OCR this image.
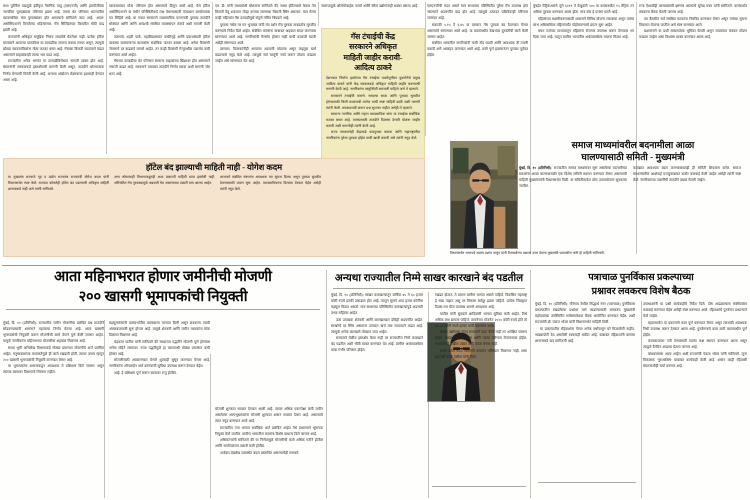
मध्य पूर्वेतील वाढ‌मुळे इर्वीकृत नैसर्गिक वायू (एलएनजी) आणि इलपीजीच्या जागतिक पुरवठ्यावर परिणाम झाला आहे. त्याचा थेट परिणाम भारतातील व्यावसायिक मंत्रा पुरवठ्यावर होत असल्याचे सांगितले जात आहे. 'अदार' असोसिएशनने विनलेल्या महिन्यांसार, गॅस सिलिंडरच्या किमतीत मोठी वाढ झाली आहे.

कंपन्यांनी अधिकृत समुद्रिक निणय लादलेले घेतलेला नाही. प्रत्येक हॉटेल चालकाने आपल्या पातळीवर या दरवाढीचा सामना करावा लागत असून, त्यामुळे छोट्या व्यावसायिकांना मोठा फटका बसत आहे. गॅसच्या किमती सातत्याने वाढत असल्याने ग्राहकांवरही त्याचा भार पडत आहे.

राज्यातील अनेक भागांत या दरवाढीविरोधात नाराजी व्यक्त होत आहे. संघटनांनी सरकारकडे हस्तक्षेपाची मागणी केली असून, तातडीने धोरणात्मक निर्णय घेण्याची विनंती केली आहे. अन्यथा आंदोलन छेडण्याचा इशाराही देण्यात आला आहे.

व्यावसायावर मोठा परिणाम होत असल्याचे दिसून आले आहे. येथे हॉटेल असोसिएशनने या गंभीर परिस्थितीकडे लक्ष वेधण्यासाठी पंतप्रधान कार्यालयास पत्र लिहिले आहे. या पत्रात सरकारने व्यावसायिक एलएनजी पुरवठा तातडीने धोक्यात आणि आणि आवश्यी संबंधित व्यवस्थापन करावे अशी मागणी केली आहे.

तळगावे, शहरी पार्क, महाविद्यालयांत वसतिगृहे आणि प्रवाशांसाठी हॉटेल व्यवस्था चालवणाऱ्या चालकांना सर्वाधिक फटका बसला आहे. अनेक ठिकाणी जेवणाचे दर वाढवावे लागले आहेत, तर काही ठिकाणी मेन्यूमधील पदार्थच कमी करण्यात आले आहेत.

गॅसच्या दरवाढीचा थेट परिणाम सामान्य ग्राहकांच्या खिशावर होत असल्याने नाराजी वाढत आहे. सरकारने याबाबत तातडीने निर्णय घ्यावा अशी मागणी जोर धरत आहे.

एम. डी. यांनी माध्यमांशी बोलताना सांगितले की, सध्या हॉटेलवाले केवळ तेच किमती ठेवू शकतात जेव्हा कच्च्या मालाच्या किमती स्थिर असतात. मात्र गेल्या काही महिन्यांत गॅस दरवाढीमुळे संपूर्ण गणित बिघडले आहे.

पुरवठा नसेल तर मन भुजबळ यांनी मंत्र दर्शन गॅस पुरवठा ताबडतोब सुरळीत करण्याचे निर्देश दिले आहेत. संबंधित यंत्रणांना याबाबत अहवाल सादर करण्यास सांगण्यात आले आहे. नागरिकांची गैरसोय होणार नाही याची काळजी घ्यावी असेही सांगण्यात आले.

दरम्यान, वितरकांनीही आपल्या अडचणी मांडल्या असून वाहतूक खर्च वाढल्याचे नमूद केले आहे. त्यामुळे सर्व बाजूंनी चर्चा करून तोडगा काढला जाईल असे सांगण्यात येत आहे.

न्यासजळुळे ऑटोमोबाईल, फार्मा आणि स्टील उद्योगांनाही धक्का बसला आहे.

गॅस टंचाईची केंद्र
सरकारने अधिकृत
माहिती जाहीर करावी-
आदित्य ठाकरे

देशभरात निर्माण झालेल्या गॅस टंचाईचा पार्श्वभूमीवर युवासेनेचे प्रमुख आदित्य ठाकरे यांनी केंद्र सरकारकडे अधिकृत माहिती जाहीर करण्याची मागणी केली आहे. नागरिकांना वस्तुस्थिती समजली पाहिजे असे ते म्हणाले.

सरकारने टंचाईची कारणे, सध्याचा साठा आणि पुरवठा सुरळीत होण्यासाठी किती कालावधी लागेल याची स्पष्ट माहिती द्यावी अशी मागणी त्यांनी केली. लपवाछपवी करून प्रश्न सुटणार नाहीत असेही ते म्हणाले.

सामान्य नागरिक आणि लहान व्यावसायिक यांना या टंचाईचा सर्वाधिक फटका बसत आहे. त्यांच्यासाठी तातडीने दिलासा देणारी योजना जाहीर करावी अशी मागणीही त्यांनी केली आहे.

राज्य सरकारनेही केंद्राकडे पाठपुरावा करावा आणि महाराष्ट्रातील नागरिकांना पुरेसा पुरवठा होईल याची खात्री करावी असे त्यांनी नमूद केले.

एलएनजीची मदत असते मात्र सध्याच्या परिस्थितीत पुरेसा गॅस उपलब्ध होत नसल्याने अडचणींत वाढ होत आहे. त्यामुळे उत्पादन प्रक्रियेवरही परिणाम जाणवत आहे.

सकाळी ५.१५ ते ६.४५ या दरम्यान गॅस पुरवठा बंद ठेवण्यात येणार असल्याचे सांगण्यात आले आहे. या कालावधीत देखभाल दुरुस्तीची कामे केली जाणार आहेत.

संबंधित भागातील नागरिकांनी याची नोंद घ्यावी आणि आवश्यक ती तयारी करावी असे आवाहन करण्यात आले आहे. कामे पूर्ण झाल्यानंतर पुरवठा पूर्ववत होईल.

मुंबईत मेट्रिकअलचे जुने ६११९ ते फेब्रुवारी २०५ वा कालावधीत १५ मेट्रिक टन अधिक पुरवठा करण्यात आला होता. मात्र यंदा हे प्रमाण घटले आहे.

महिलांच्या सक्षमीकरणासाठी शासनाने विविध योजना राबवल्या असून त्यांचा लाभ अधिकाधिक महिलांपर्यंत पोहोचवण्याचे प्रयत्न सुरू आहेत.

बचत गटांच्या माध्यमातून महिलांना रोजगार उपलब्ध करून देण्यावर भर दिला जात आहे. यातून ग्रामीण भागातील अर्थव्यवस्थेला चालना मिळत आहे.

रत्ना ऐश्वर्याही वरसाळ्याची इष्टणार आल्याचे सुरेख पत्रव यांनी सांगितले. यासंदर्भात लवकरच बैठक घेतली जाणार आहे.

त्या बैठकीत सर्व संबंधित घटकांना निमंत्रित करण्यात येणार असून त्यांच्या सूचना विचारात घेतल्या जातील असे स्पष्ट करण्यात आले.

प्रशासनाने या प्रश्नी सकारात्मक भूमिका घेतली असून लवकरात लवकर तोडगा काढला जाईल असा विश्वास व्यक्त करण्यात आला आहे.

हॉटेल बंद झाल्याची माहिती नाही - योगेश कदम

या मुख्यमंत्र राज्याचे गृह व उद्योग राज्यमंत्र राज्यमंत्री योगेश कदम यांनी विधानसभेत स्पष्ट केले. राज्यात कोणतेही हॉटेल बंद पडल्याची अधिकृत माहिती शासनाकडे नाही असे त्यांनी सांगितले.

अन्य कोणत्याही विभागाकडूनही अशा प्रकारची माहिती प्राप्त झालेली नाही. अनियमित गॅस पुरवठ्यामुळे अडचणी येत असल्याच्या तक्रारी मात्र आल्या आहेत.

शासनाने संबंधित यंत्रणांना आवश्यक त्या सूचना दिल्या असून पुरवठा सुरळीत ठेवण्यासाठी प्रयत्न सुरू आहेत. व्यावसायिकांना दिलासा देण्यात येईल असेही त्यांनी नमूद केले.

समाज माध्यमांवरील बदनामीला आळा
घालण्यासाठी समिती - मुख्यमंत्री

मुंबई, दि. १० (प्रतिनिधी): राज्यातील समाज माध्यमांवर सुरू असलेल्या बदनामीच्या प्रकारांना आळा घालण्यासाठी एक विशेष समिती स्थापन करण्यात येणार असल्याची माहिती मुख्यमंत्र्यांनी विधानसभेत दिली. या समितीमार्फत ठोस उपाययोजना सुचवल्या जातील.

कायद्यात आवश्यक बदल करण्याबाबतही ही समिती शिफारस करेल. समाज माध्यमांवरील आक्षेपार्ह मजकुराबाबत कठोर कारवाई केली जाईल असेही त्यांनी स्पष्ट केले. नागरिकांच्या तक्रारींची तातडीने दखल घेतली जाईल.

विधानसभेत भाजपचे सदस्य प्रशांत ठाकूर यांनी विचारलेल्या प्रश्नाला उत्तर देताना मुख्यमंत्री फडणवीस यांनी ही माहिती सांगितली.

आता महिनाभरात होणार जमीनीची मोजणी
२०० खासगी भूमापकांची नियुक्ती

मुंबई, दि. १० (प्रतिनिधी): राज्यातील जमीन मोजणीचा प्रलंबित प्रश्न तातडीने सोडवण्यासाठी शासनाने महत्त्वाचा निर्णय घेतला आहे. आता खासगी भूमापकांची नियुक्ती करून मोजणीची कामे वेगाने पूर्ण केली जाणार आहेत. यामुळे नागरिकांना महिनाभरात मोजणीचा अहवाल मिळणार आहे.

सध्या भूमी अभिलेख विभागाकडे मोठ्या प्रमाणात मोजणीचे अर्ज प्रलंबित आहेत. मनुष्यबळाच्या कमतरतेमुळे ही कामे रखडली होती. त्यावर उपाय म्हणून २०० खासगी भूमापकांची नियुक्ती करण्यात येणार आहे.

या भूमापकांना शासनाकडून आवश्यक ते प्रशिक्षण दिले जाणार असून त्यांच्या कामावर विभागाचे नियंत्रण राहील.

महसूलमंत्र्यांनी यासंदर्भातील प्रस्तावाला मान्यता दिली असून लवकरच त्याची अंमलबजावणी सुरू होणार आहे. यामुळे शेतकरी आणि जमीन मालकांना मोठा दिलासा मिळणार आहे.

चंद्रकांत पाटील यांनी सांगितले की सध्याच्या पद्धतीने मोजणी पूर्ण होण्यास अनेक महिने लागतात. नव्या पद्धतीमुळे हा कालावधी मोठ्या प्रमाणात कमी होणार आहे.

मोजणीसाठी आकारण्यात येणारे शुल्कही सुसूत्र करण्यात येणार आहे. नागरिकांना ऑनलाईन अर्ज करण्याची सुविधा उपलब्ध करून देण्यात येईल.

आहे. हे प्रशिक्षण पूर्ण करून कामावर रुजू होतील.

मोजणी शुल्कात सवलत देण्यात आली आहे. त्यावर अधिक एकरपेक्षा कमी जमीन असलेल्या अल्पभूधारकांना मोजणी शुल्कात शासन सवलत देणार आहे. असल्याचे त्यात नमूद करण्यात आले आहे.

राज्यातील ज्या भागात सर्वाधिक अर्ज प्रलंबित आहेत तेथे प्राधान्याने भूमापक नियुक्त केले जातील. ग्रामीण भागातील कामांना विशेष प्राधान्य दिले जाणार आहे.

अधिकाऱ्यांनी सांगितले की या निर्णयामुळे मोजणीची कामे अधिक गतीने होतील आणि नागरिकांच्या तक्रारी कमी होतील.

अर्जदार-देखरेख व्यवस्थेत बदल प्रस्तावित असल्याचेही समजते.

अन्यथा राज्यातील निम्मे साखर कारखाने बंद पडतील

मुंबई, दि. १० (प्रतिनिधी): साखर कारखान्यांतून वार्षिक ४५ ते ६० हजार कोटी रुपये इतकी उलाढाल होत आहे. त्यातून सुमारे आठ हजार कोटींचा महसूल मिळत असतो. मात्र सध्याच्या परिस्थितीत कारखान्यांपुढे अडचणी उभ्या राहिल्या आहेत.

ऊस उत्पादक शेतकरी आणि कारखानदार दोघेही अडचणीत आहेत. साखरेचे दर स्थिर असताना उत्पादन खर्च मात्र सातत्याने वाढत आहे. त्यामुळे अनेक कारखाने तोट्यात जात आहेत.

सरकारने वेळीच हस्तक्षेप केला नाही तर राज्यातील निम्मे कारखाने बंद पडतील अशी भीती व्यक्त करण्यात येत आहे. ग्रामीण अर्थव्यवस्थेवर याचा गंभीर परिणाम होईल.

रखडत होतात. ते प्रमाण ग्रामीण भागात असले पाहिजे. विकसित महाराष्ट्र हे स्वप्न पाहात असू तर विकास सर्वदूर झाला पाहिजे. प्रत्येक जिल्ह्यात दिवस-रात्र वीज उपलब्ध असणे आवश्यक आहे.

पाटील यांनी सुचवले आदिवासी भागात सुविधा कमी आहेत, तिथे अधिक लक्ष द्यायला पाहिजे. ठाकरेंच्या योजनेत २०२० कोटी रुपये होते तो ७९-८६ कोटी रुपये इतका कमी करण्यात आला.

साखर उद्योगाला राज्य सरकारने मदत केली नाही तर अपेक्षित घसरण होईल. साखर उत्पादन घटेल आणि त्याचा परिणाम रोजगारावर होईल. कामगारांची देखील तक्रार कमी करता येणार नाही.

हजार कोटी रुपये जीएसटी उत्पादन भविष्यात मिळणार नाही, असा इशाराही वरळे पाटील यांनी दिला.

पत्राचाळ पुनर्विकास प्रकल्पाच्या
प्रश्नावर लवकरच विशेष बैठक

मुंबई, दि. १० (प्रतिनिधी): गोरेगाव येथील सिद्धार्थ नगर (पत्राचाळ) पुनर्विकास प्रकल्पातील रखडलेल्या प्रश्नांवर मार्ग काढण्यासाठी लवकरच मुख्यमंत्री महोदयांच्या उपस्थितीत सर्वसमावेशक बैठक आयोजित करण्यात येईल, अशी राज्यमंत्री डॉ. पंकज भोयर यांनी विधानसभेत माहिती दिली.

या प्रकल्पातील रहिवाशांना गेल्या अनेक वर्षांपासून घरे मिळालेली नाहीत. भाड्यापोटी देय असलेली रक्कमही थकीत आहे. याबाबत रहिवाशांनी वारंवार शासनाकडे दाद मागितली आहे.

उपाध्यक्षांनी या प्रश्नी कार्यवाहीचे निर्देश दिले. दोष आढळल्यास संबंधितांवर कारवाई करण्यात येईल असेही स्पष्ट करण्यात आले. रहिवाशांचे पुनर्वसन प्राधान्याने केले जाईल.

म्हाडामार्फत या प्रकल्पाचे काम पूर्ण करण्यात येणार असून त्यासाठी आवश्यक निधी उपलब्ध करून देण्यात आला आहे. पुनर्वसनाचे काम कमी कालावधीत पूर्ण होईल.

कामकाजाला गती देण्यासाठी स्वतंत्र कक्ष स्थापन करण्यात आला असून त्याद्वारे दैनंदिन आढावा घेतला जाणार आहे.

बांधकामाला आता आहेत अशी राज्यमंत्री पंकज भोयर यांनी सांगितले. जुना विकासक 'गुरुआशिष' याबाबत कार्यवाही केली आहे. शासन काही रहिवासी संघटनांशीही चर्चा करणार आहे.
